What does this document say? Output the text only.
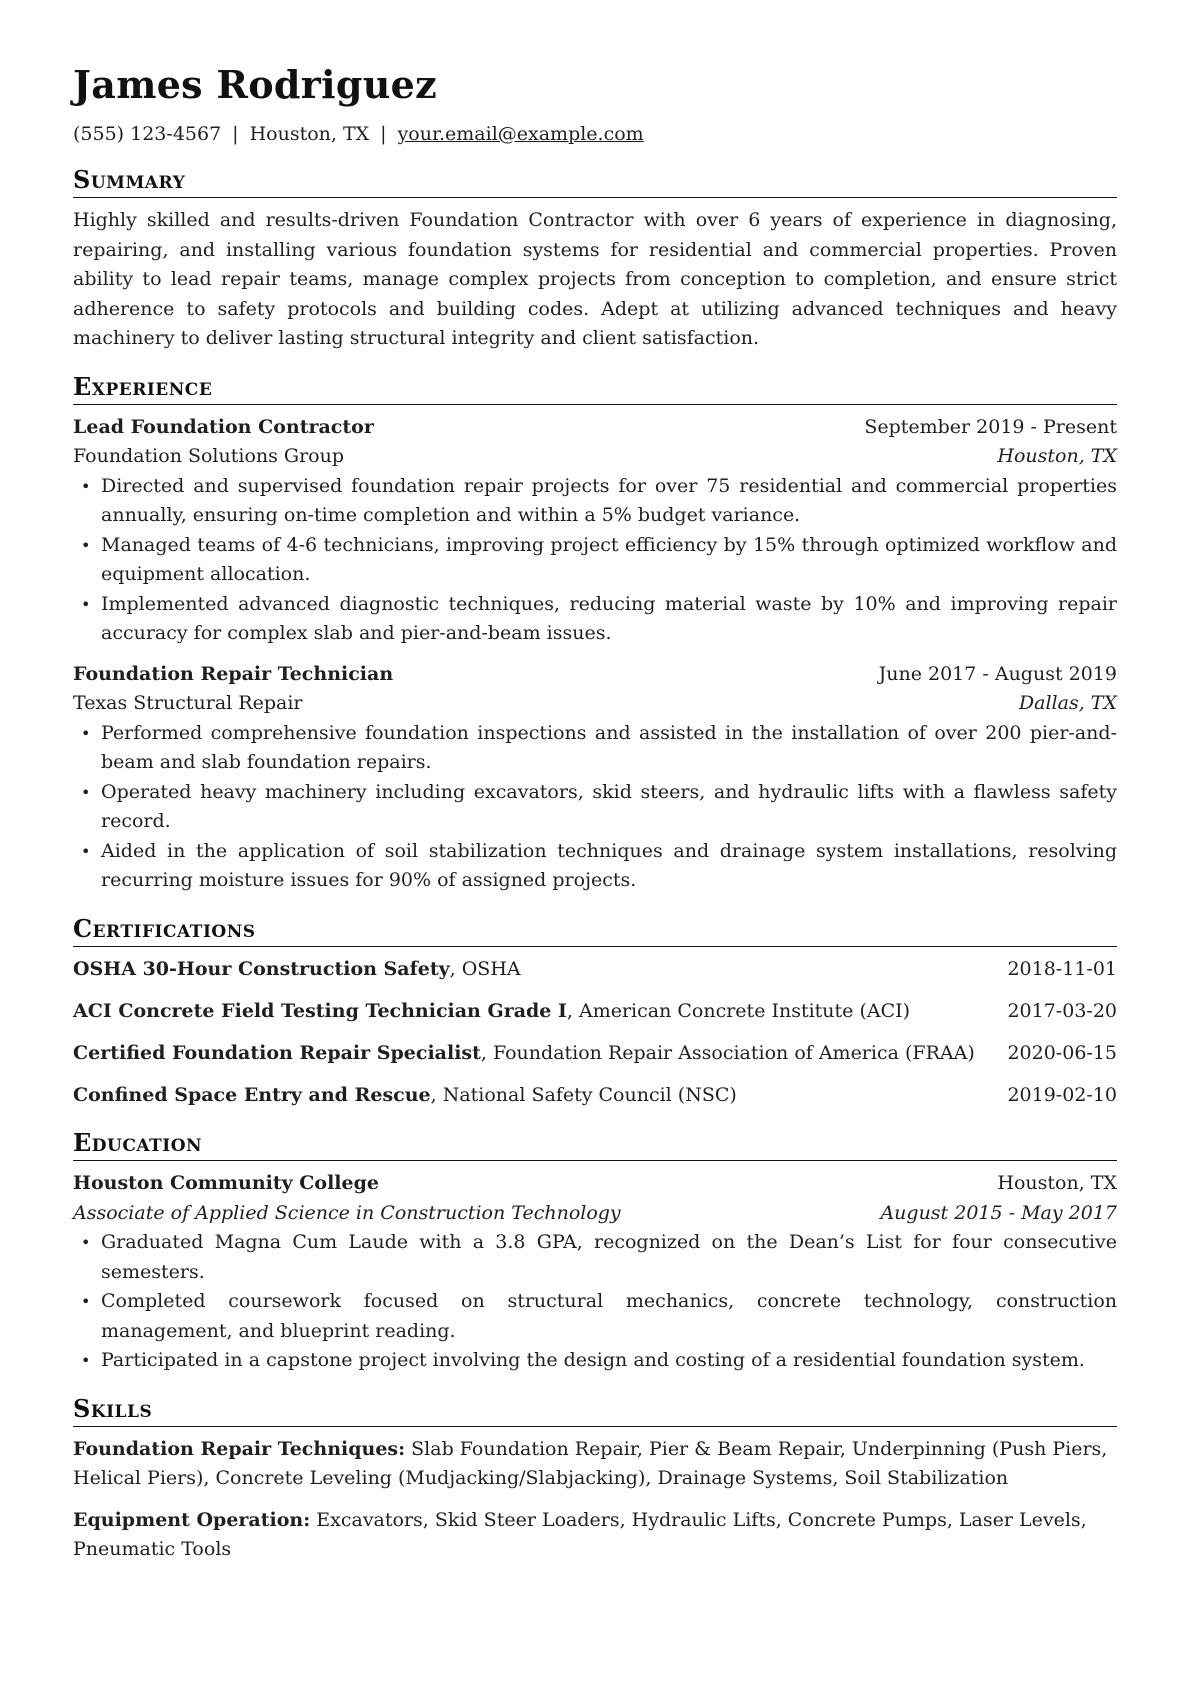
James Rodriguez
(555) 123-4567 | Houston, TX | your.email@example.com
Summary

Highly skilled and results-driven Foundation Contractor with over 6 years of experience in diagnosing, repairing, and installing various foundation systems for residential and commercial properties. Proven ability to lead repair teams, manage complex projects from conception to completion, and ensure strict adherence to safety protocols and building codes. Adept at utilizing advanced techniques and heavy machinery to deliver lasting structural integrity and client satisfaction.

Experience
Lead Foundation Contractor	September 2019 - Present
Foundation Solutions Group	Houston, TX
• Directed and supervised foundation repair projects for over 75 residential and commercial properties annually, ensuring on-time completion and within a 5% budget variance.
• Managed teams of 4-6 technicians, improving project efficiency by 15% through optimized workflow and equipment allocation.
• Implemented advanced diagnostic techniques, reducing material waste by 10% and improving repair accuracy for complex slab and pier-and-beam issues.
Foundation Repair Technician	June 2017 - August 2019
Texas Structural Repair	Dallas, TX
• Performed comprehensive foundation inspections and assisted in the installation of over 200 pier-and-beam and slab foundation repairs.
• Operated heavy machinery including excavators, skid steers, and hydraulic lifts with a flawless safety record.
• Aided in the application of soil stabilization techniques and drainage system installations, resolving recurring moisture issues for 90% of assigned projects.
Certifications
OSHA 30-Hour Construction Safety, OSHA	2018-11-01
ACI Concrete Field Testing Technician Grade I, American Concrete Institute (ACI)	2017-03-20
Certified Foundation Repair Specialist, Foundation Repair Association of America (FRAA) 2020-06-15
Confined Space Entry and Rescue, National Safety Council (NSC)	2019-02-10
Education
Houston Community College	Houston, TX
Associate of Applied Science in Construction Technology	August 2015 - May 2017
• Graduated Magna Cum Laude with a 3.8 GPA, recognized on the Dean’s List for four consecutive semesters.
• Completed coursework focused on structural mechanics, concrete technology, construction management, and blueprint reading.
• Participated in a capstone project involving the design and costing of a residential foundation system.
Skills
Foundation Repair Techniques: Slab Foundation Repair, Pier & Beam Repair, Underpinning (Push Piers, Helical Piers), Concrete Leveling (Mudjacking/Slabjacking), Drainage Systems, Soil Stabilization
Equipment Operation: Excavators, Skid Steer Loaders, Hydraulic Lifts, Concrete Pumps, Laser Levels, Pneumatic Tools
